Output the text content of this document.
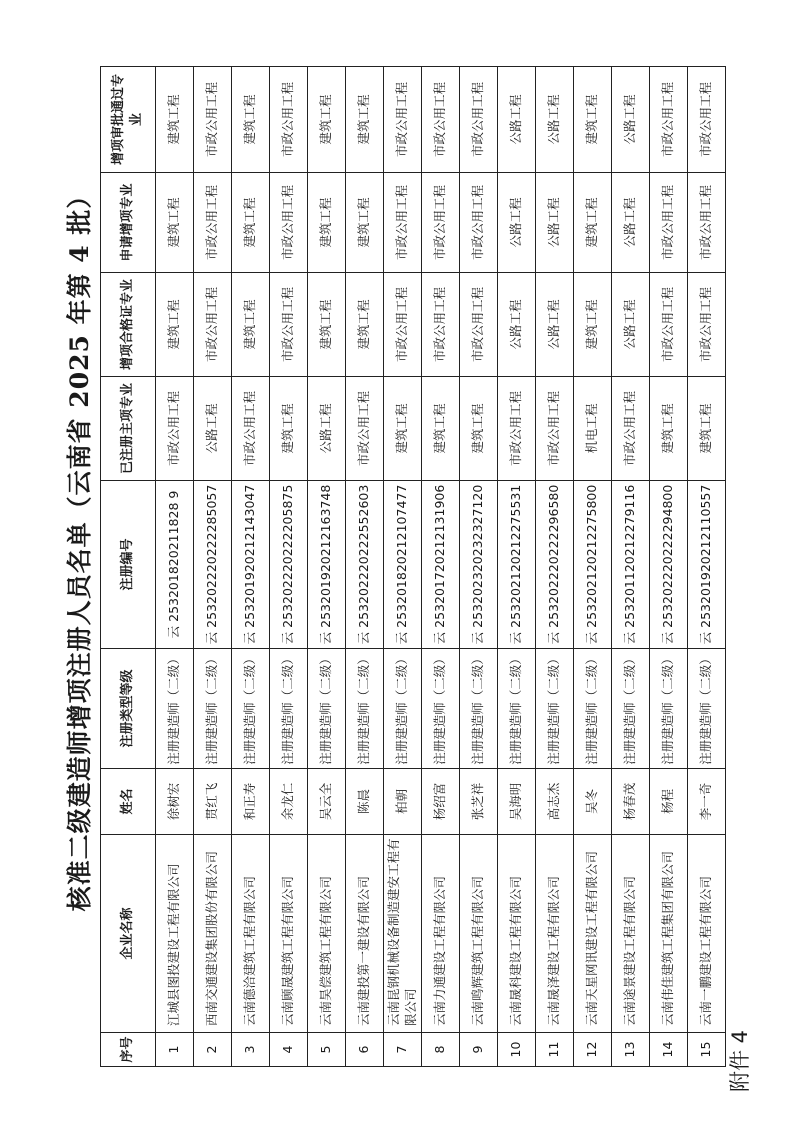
附件 4
核准二级建造师增项注册人员名单（云南省 2025 年第 4 批）
序号	企业名称	姓名	注册类型等级	注册编号	已注册主项专业	增项合格证专业	申请增项专业	增项审批通过专业
1	江城县图投建设工程有限公司	徐树宏	注册建造师（二级）	云 253201820211828 9	市政公用工程	建筑工程	建筑工程	建筑工程
2	西南交通建设集团股份有限公司	贯红飞	注册建造师（二级）	云 253202220222285057	公路工程	市政公用工程	市政公用工程	市政公用工程
3	云南德洽建筑工程有限公司	和正寿	注册建造师（二级）	云 253201920212143047	市政公用工程	建筑工程	建筑工程	建筑工程
4	云南顾晟建筑工程有限公司	余龙仁	注册建造师（二级）	云 253202220222205875	建筑工程	市政公用工程	市政公用工程	市政公用工程
5	云南昊偿建筑工程有限公司	吴云全	注册建造师（二级）	云 253201920212163748	公路工程	建筑工程	建筑工程	建筑工程
6	云南建投第一建设有限公司	陈晨	注册建造师（二级）	云 253202220222552603	市政公用工程	建筑工程	建筑工程	建筑工程
7	云南昆钢机械设备制造建安工程有限公司	柏朝	注册建造师（二级）	云 253201820212107477	建筑工程	市政公用工程	市政公用工程	市政公用工程
8	云南力通建设工程有限公司	杨绍富	注册建造师（二级）	云 253201720212131906	建筑工程	市政公用工程	市政公用工程	市政公用工程
9	云南鸣辉建筑工程有限公司	张芝祥	注册建造师（二级）	云 253202320232327120	建筑工程	市政公用工程	市政公用工程	市政公用工程
10	云南晟科建设工程有限公司	吴海明	注册建造师（二级）	云 253202120212275531	市政公用工程	公路工程	公路工程	公路工程
11	云南晟泽建设工程有限公司	高志杰	注册建造师（二级）	云 253202220222296580	市政公用工程	公路工程	公路工程	公路工程
12	云南天星网讯建设工程有限公司	吴冬	注册建造师（二级）	云 253202120212275800	机电工程	建筑工程	建筑工程	建筑工程
13	云南途景建设工程有限公司	杨春茂	注册建造师（二级）	云 253201120212279116	市政公用工程	公路工程	公路工程	公路工程
14	云南伟佳建筑工程集团有限公司	杨程	注册建造师（二级）	云 253202220222294800	建筑工程	市政公用工程	市政公用工程	市政公用工程
15	云南一鹏建设工程有限公司	李一奇	注册建造师（二级）	云 253201920212110557	建筑工程	市政公用工程	市政公用工程	市政公用工程
